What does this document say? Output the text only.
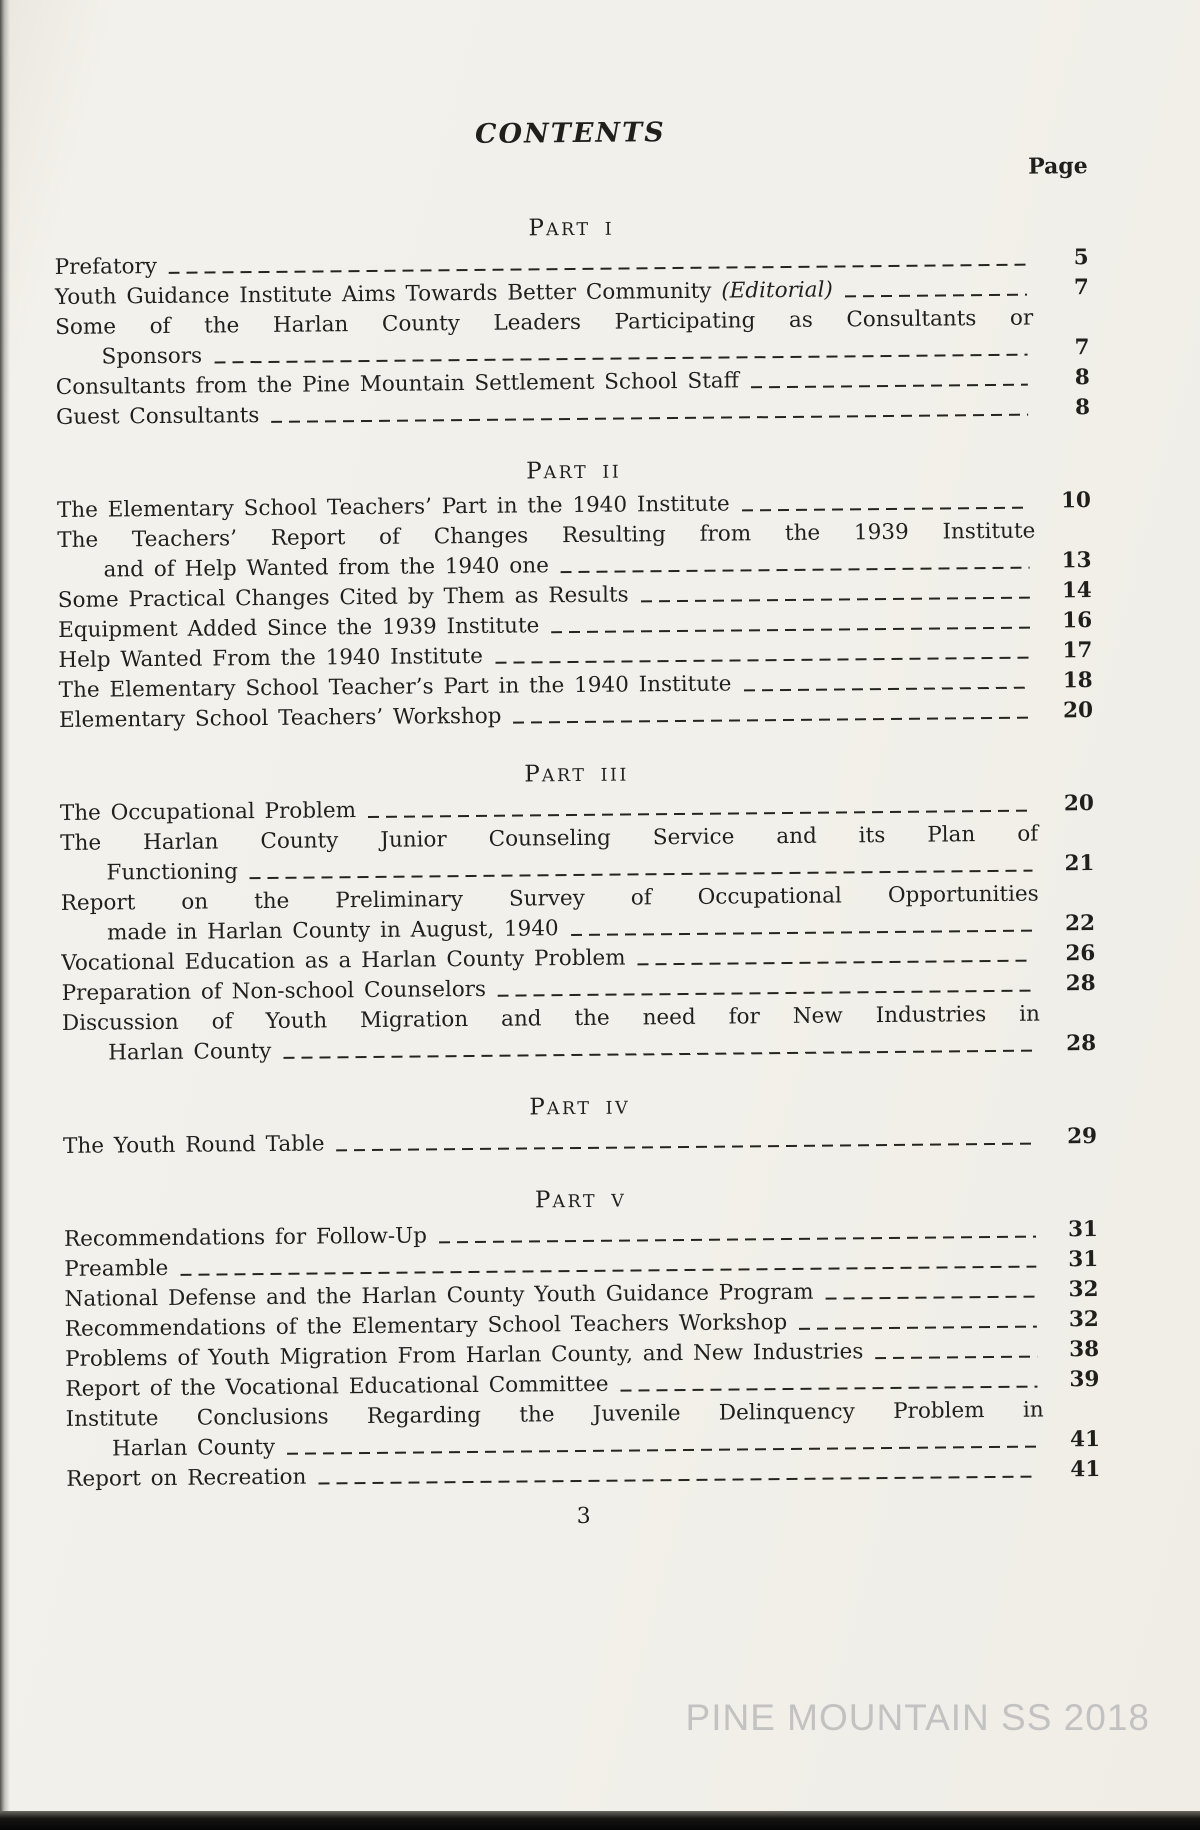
CONTENTS
Page
PART I
Prefatory	5
Youth Guidance Institute Aims Towards Better Community (Editorial)	7
Some of the Harlan County Leaders Participating as Consultants or
Sponsors	7
Consultants from the Pine Mountain Settlement School Staff	8
Guest Consultants	8
PART II
The Elementary School Teachers’ Part in the 1940 Institute	10
The Teachers’ Report of Changes Resulting from the 1939 Institute
and of Help Wanted from the 1940 one	13
Some Practical Changes Cited by Them as Results	14
Equipment Added Since the 1939 Institute	16
Help Wanted From the 1940 Institute	17
The Elementary School Teacher’s Part in the 1940 Institute	18
Elementary School Teachers’ Workshop	20
PART III
The Occupational Problem	20
The Harlan County Junior Counseling Service and its Plan of
Functioning	21
Report on the Preliminary Survey of Occupational Opportunities
made in Harlan County in August, 1940	22
Vocational Education as a Harlan County Problem	26
Preparation of Non-school Counselors	28
Discussion of Youth Migration and the need for New Industries in
Harlan County	28
PART IV
The Youth Round Table	29
PART V
Recommendations for Follow-Up	31
Preamble	31
National Defense and the Harlan County Youth Guidance Program	32
Recommendations of the Elementary School Teachers Workshop	32
Problems of Youth Migration From Harlan County, and New Industries	38
Report of the Vocational Educational Committee	39
Institute Conclusions Regarding the Juvenile Delinquency Problem in
Harlan County	41
Report on Recreation	41
3
PINE MOUNTAIN SS 2018
